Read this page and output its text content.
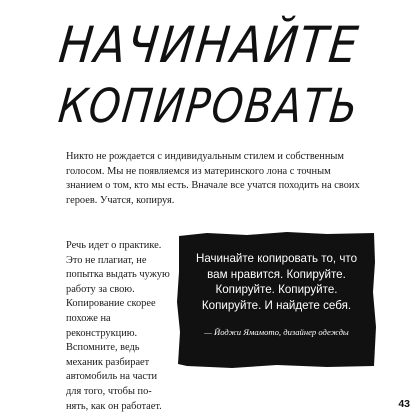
НАЧИНАЙТЕ
КОПИРОВАТЬ

Никто не рождается с индивидуальным стилем и собственным голосом. Мы не появляемся из материнского лона с точным знанием о том, кто мы есть. Вначале все учатся походить на своих героев. Учатся, копируя.

Речь идет о практике. Это не плагиат, не попытка выдать чужую работу за свою. Копирование скорее похоже на реконструкцию. Вспомните, ведь механик разбирает автомобиль на части для того, чтобы понять, как он работает.

Начинайте копировать то, что вам нравится. Копируйте. Копируйте. Копируйте. Копируйте. И найдете себя.

— Йоджи Ямамото, дизайнер одежды

43
